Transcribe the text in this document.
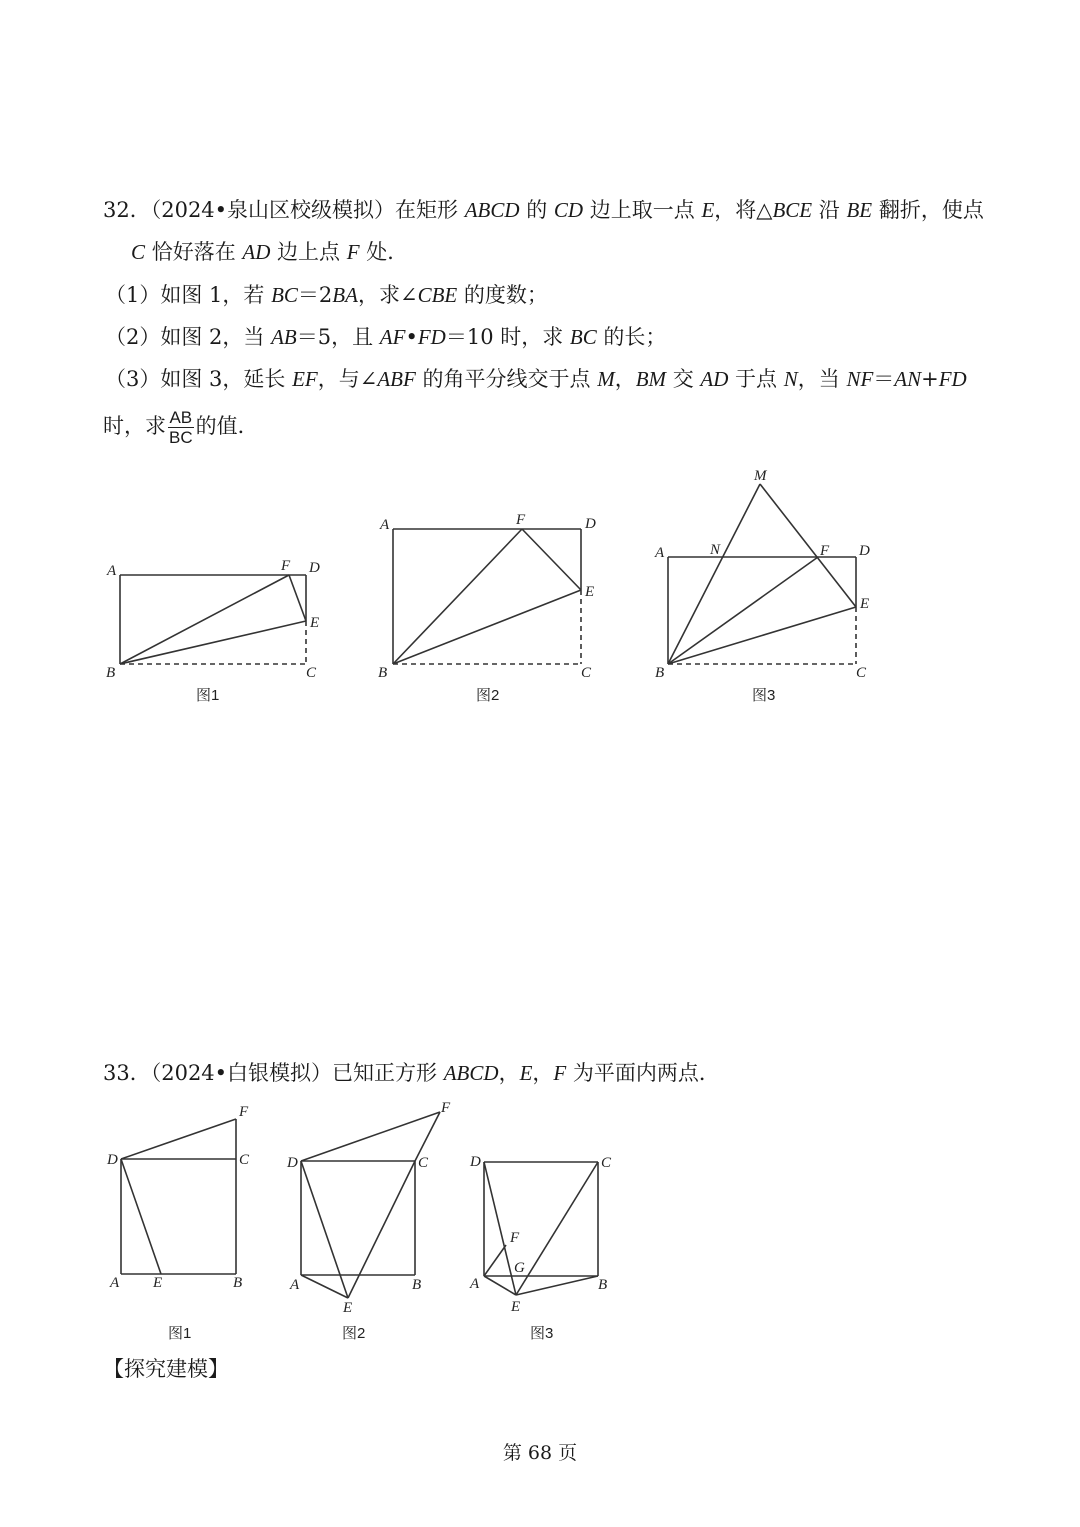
32．（2024•泉山区校级模拟）在矩形 ABCD 的 CD 边上取一点 E，将△BCE 沿 BE 翻折，使点
C 恰好落在 AD 边上点 F 处．
（1）如图 1，若 BC＝2BA，求∠CBE 的度数；
（2）如图 2，当 AB＝5，且 AF•FD＝10 时，求 BC 的长；
（3）如图 3，延长 EF，与∠ABF 的角平分线交于点 M，BM 交 AD 于点 N，当 NF＝AN+FD
时，求 $\frac{AB}{BC}$ 的值．
A
B	C
D
E
F
图1
A
B	C
D
E
F
图2
A
B	C
D
E
F
M
N
图3
D	C
A E	B
F
图1
D	C
A	B
E
F
图2
D	C
A	B
E
F
G
图3
33．（2024•白银模拟）已知正方形 ABCD，E，F 为平面内两点．
【探究建模】
第 68 页
